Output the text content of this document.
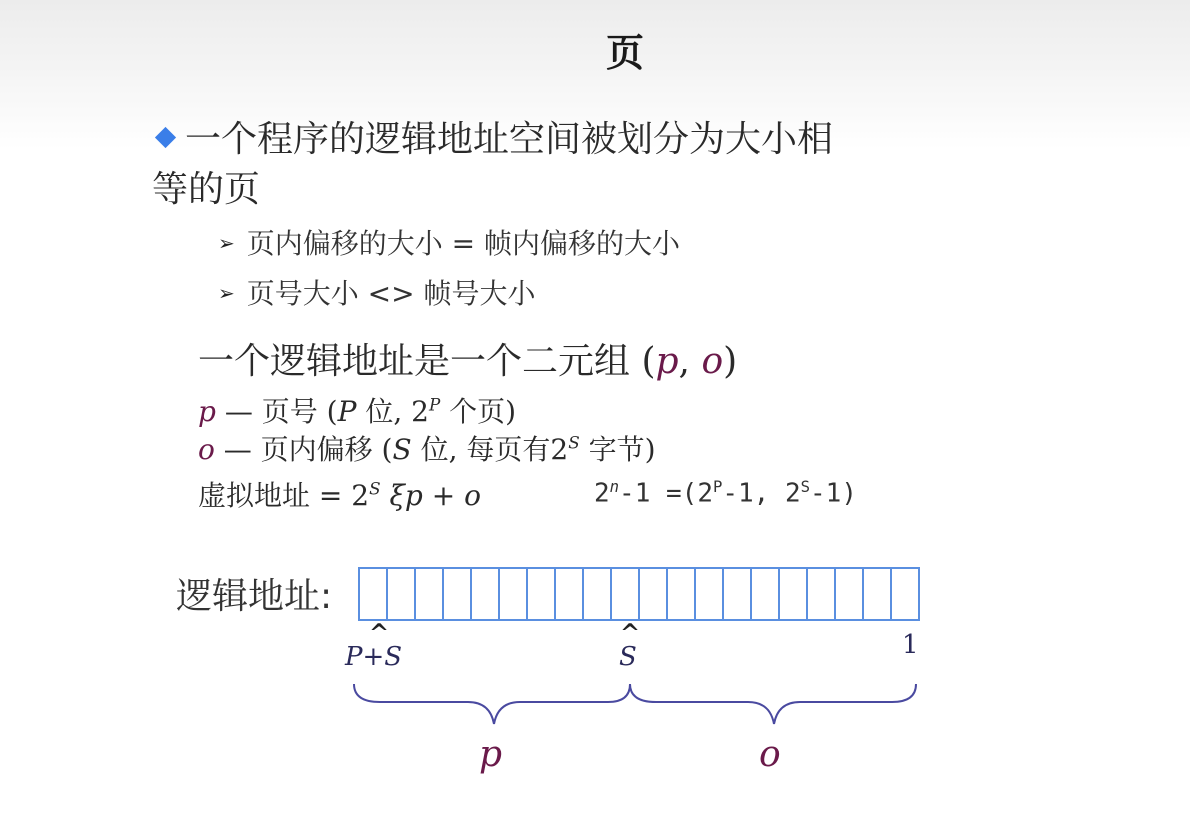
页
一个程序的逻辑地址空间被划分为大小相
等的页
➢ 页内偏移的大小 = 帧内偏移的大小
➢ 页号大小 <> 帧号大小
一个逻辑地址是一个二元组 (p, o)
p — 页号 (P 位, $2^P$ 个页)
o — 页内偏移 (S 位, 每页有$2^S$ 字节)
虚拟地址 = $2^S$ ξp + o	$2^n-1 =(2^P-1$, $2^S-1$)
逻辑地址:
^
P+S
^
S	1
p	o
